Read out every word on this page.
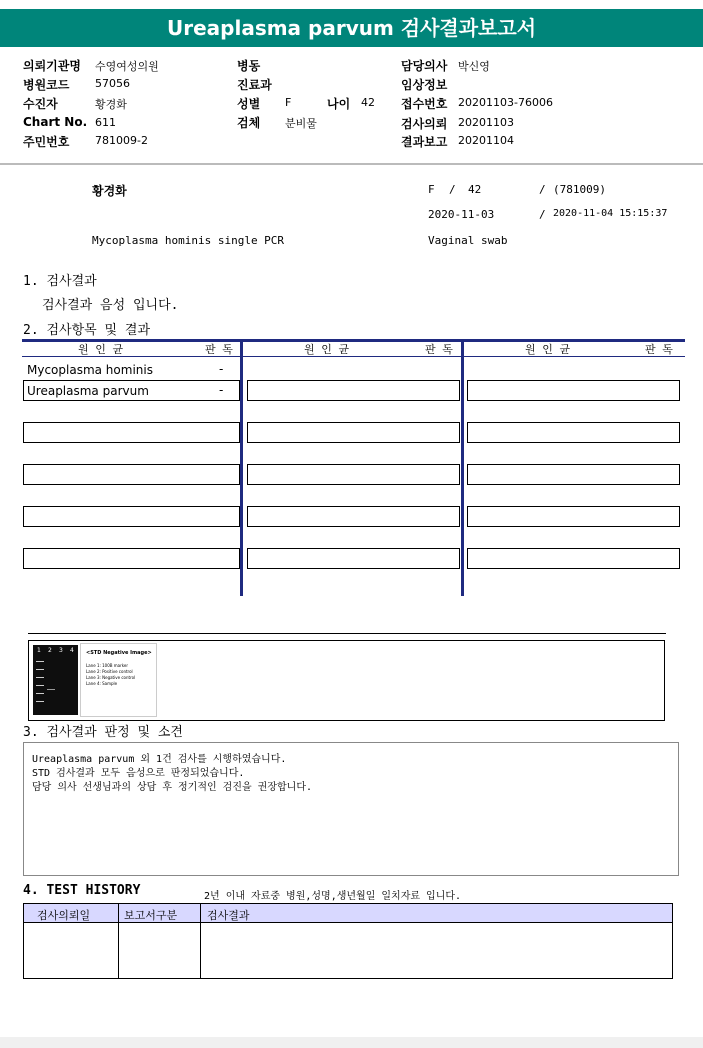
Ureaplasma parvum 검사결과보고서
의뢰기관명 수영여성의원
병원코드 57056
수진자	황경화
Chart No. 611
주민번호 781009-2
병동
진료과
성별 F	나이 42
검체 분비물
담당의사 박신영
임상정보
접수번호 20201103-76006
검사의뢰 20201103
결과보고 20201104
황경화	F / 42	/ (781009)
2020-11-03	/ 2020-11-04 15:15:37
Mycoplasma hominis single PCR	Vaginal swab
1. 검사결과
검사결과 음성 입니다.
2. 검사항목 및 결과
원 인 균	판 독	원 인 균	판 독	원 인 균	판 독
Mycoplasma hominis	-
Ureaplasma parvum	-
1 2 3 4 <STD Negative Image>
Lane 1: 100B marker
Lane 2: Positive control
Lane 3: Negative control
Lane 4: Sample
3. 검사결과 판정 및 소견
Ureaplasma parvum 외 1건 검사를 시행하였습니다.
STD 검사결과 모두 음성으로 판정되었습니다.
담당 의사 선생님과의 상담 후 정기적인 검진을 권장합니다.
4. TEST HISTORY	2년 이내 자료중 병원,성명,생년월일 일치자료 입니다.
검사의뢰일	보고서구분	검사결과
